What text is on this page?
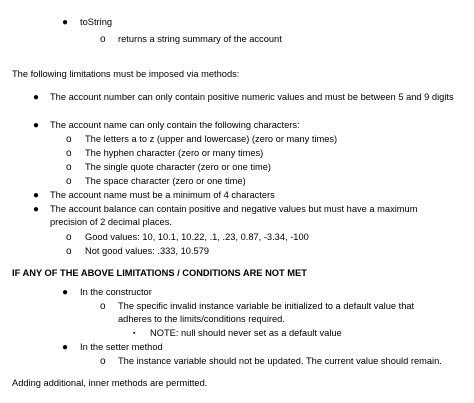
● toString
o returns a string summary of the account
The following limitations must be imposed via methods:
● The account number can only contain positive numeric values and must be between 5 and 9 digits
● The account name can only contain the following characters:
o The letters a to z (upper and lowercase) (zero or many times)
o The hyphen character (zero or many times)
o The single quote character (zero or one time)
o The space character (zero or one time)
● The account name must be a minimum of 4 characters
● The account balance can contain positive and negative values but must have a maximum precision of 2 decimal places.
o Good values: 10, 10.1, 10.22, .1, .23, 0.87, -3.34, -100
o Not good values: .333, 10.579
IF ANY OF THE ABOVE LIMITATIONS / CONDITIONS ARE NOT MET
● In the constructor
o The specific invalid instance variable be initialized to a default value that adheres to the limits/conditions required.
▪ NOTE: null should never set as a default value
● In the setter method
o The instance variable should not be updated. The current value should remain.
Adding additional, inner methods are permitted.
